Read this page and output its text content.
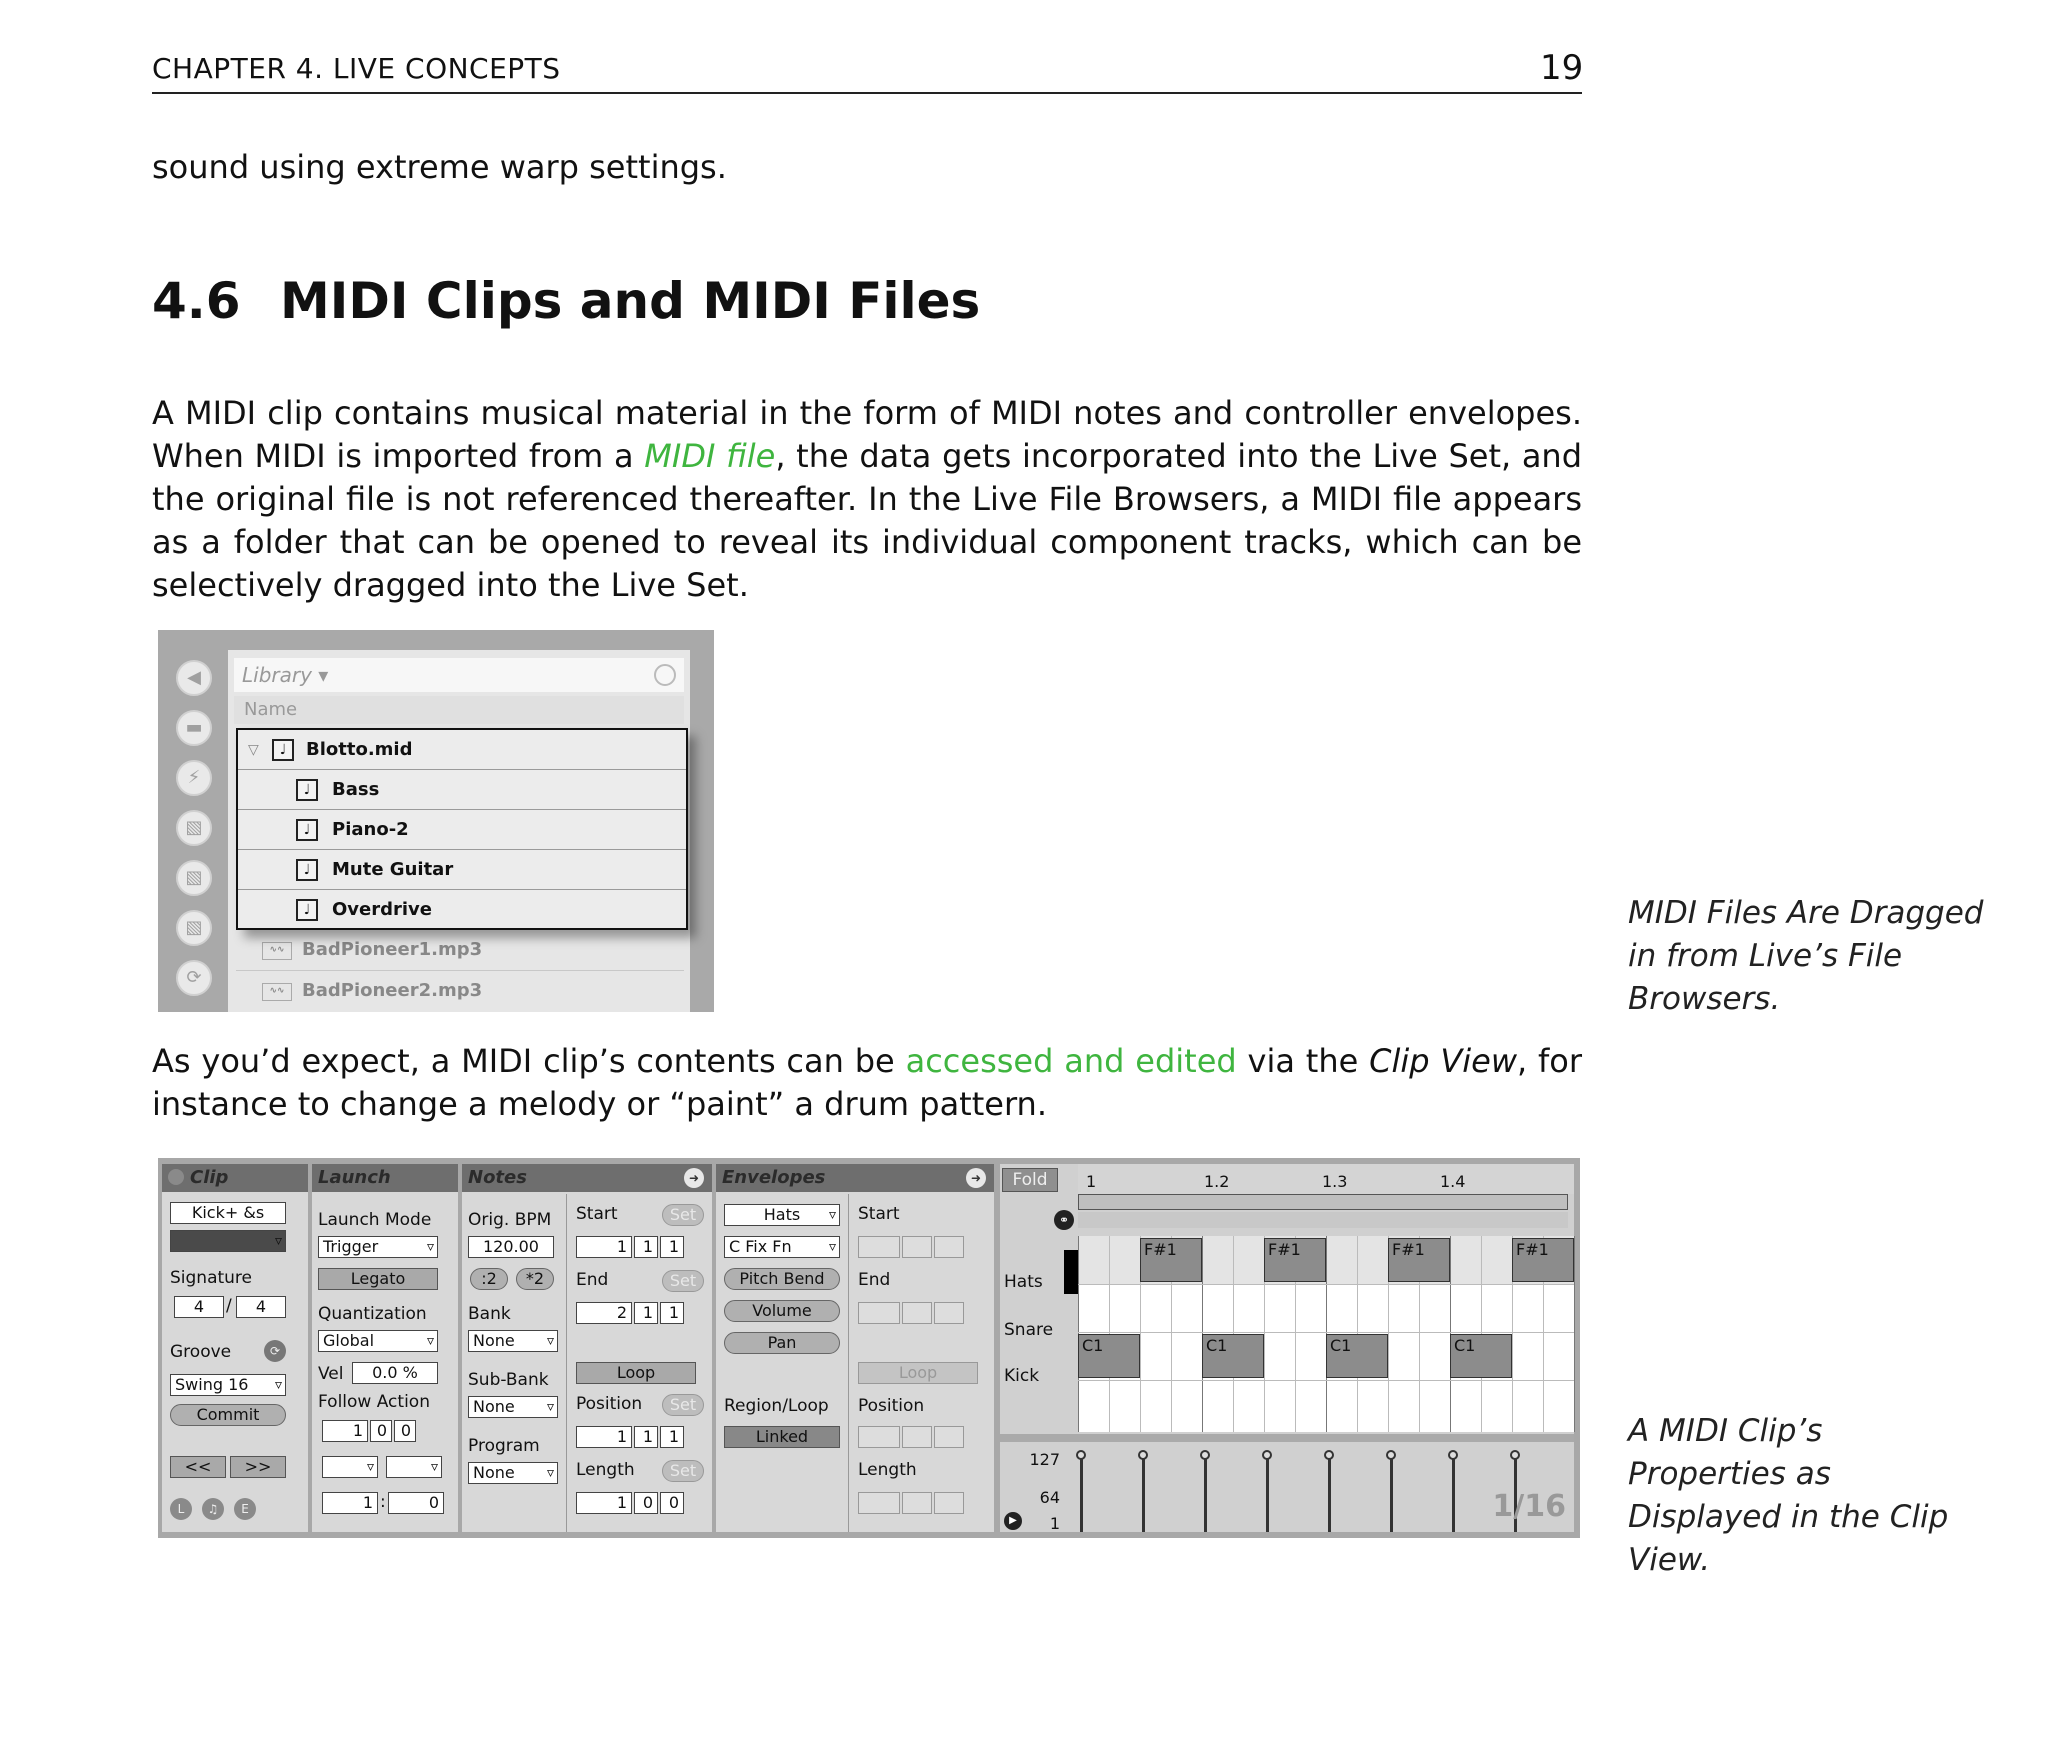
CHAPTER 4. LIVE CONCEPTS	19
sound using extreme warp settings.
4.6 MIDI Clips and MIDI Files
A MIDI clip contains musical material in the form of MIDI notes and controller envelopes. When MIDI is imported from a MIDI file, the data gets incorporated into the Live Set, and the original file is not referenced thereafter. In the Live File Browsers, a MIDI file appears as a folder that can be opened to reveal its individual component tracks, which can be selectively dragged into the Live Set.
◀
▬
⚡
▧
▧
▧
⟳
Library ▾
Name
∿∿ BadPioneer1.mp3
∿∿ BadPioneer2.mp3
▽	♩	Blotto.mid
♩	Bass
♩	Piano-2
♩	Mute Guitar
♩	Overdrive	MIDI Files Are Dragged in from Live’s File Browsers.
As you’d expect, a MIDI clip’s contents can be accessed and edited via the Clip View, for instance to change a melody or “paint” a drum pattern.
Clip
Kick+ &s
▿
Signature
4	/	4
Groove	⟳
Swing 16 ▿
Commit
<<	>>
L	♫	E
Launch
Launch Mode
Trigger ▿
Legato
Quantization
Global ▿
Vel	0.0 %
Follow Action
1 0 0
▿
▿
1 :	0
Notes	➜
Orig. BPM
120.00
:2	*2
Bank
None ▿
Sub-Bank
None ▿
Program
None ▿
Start	Set
1 1 1
End	Set
2 1 1
Loop
Position	Set
1 1 1
Length	Set
1 0 0
Envelopes	➜
Hats ▿
C Fix Fn ▿
Pitch Bend
Volume
Pan
Region/Loop
Linked
Start
End
Loop
Position
Length
Fold	1	1.2	1.3	1.4
⚭
Hats
Snare
Kick
F#1	F#1	F#1	F#1
C1	C1	C1	C1
127
64
1
▶	1/16
A MIDI Clip’s Properties as Displayed in the Clip View.
